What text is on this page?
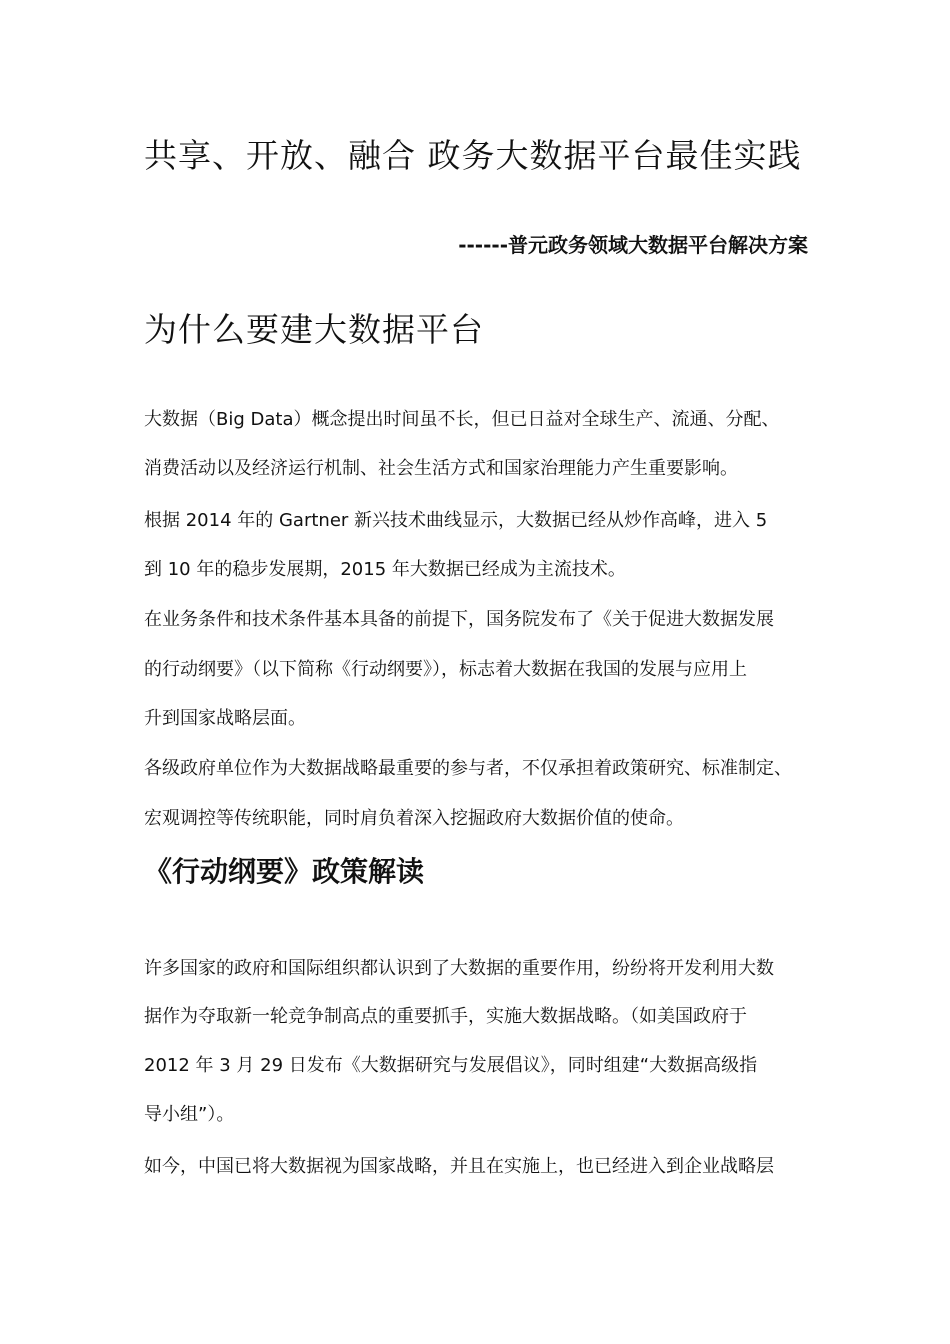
共享、开放、融合 政务大数据平台最佳实践
------普元政务领域大数据平台解决方案
为什么要建大数据平台

大数据（Big Data）概念提出时间虽不长，但已日益对全球生产、流通、分配、

消费活动以及经济运行机制、社会生活方式和国家治理能力产生重要影响。

根据 2014 年的 Gartner 新兴技术曲线显示，大数据已经从炒作高峰，进入 5

到 10 年的稳步发展期，2015 年大数据已经成为主流技术。

在业务条件和技术条件基本具备的前提下，国务院发布了《关于促进大数据发展

的行动纲要》（以下简称《行动纲要》），标志着大数据在我国的发展与应用上

升到国家战略层面。

各级政府单位作为大数据战略最重要的参与者，不仅承担着政策研究、标准制定、

宏观调控等传统职能，同时肩负着深入挖掘政府大数据价值的使命。

《行动纲要》政策解读

许多国家的政府和国际组织都认识到了大数据的重要作用，纷纷将开发利用大数

据作为夺取新一轮竞争制高点的重要抓手，实施大数据战略。（如美国政府于

2012 年 3 月 29 日发布《大数据研究与发展倡议》，同时组建“大数据高级指

导小组”）。

如今，中国已将大数据视为国家战略，并且在实施上，也已经进入到企业战略层
